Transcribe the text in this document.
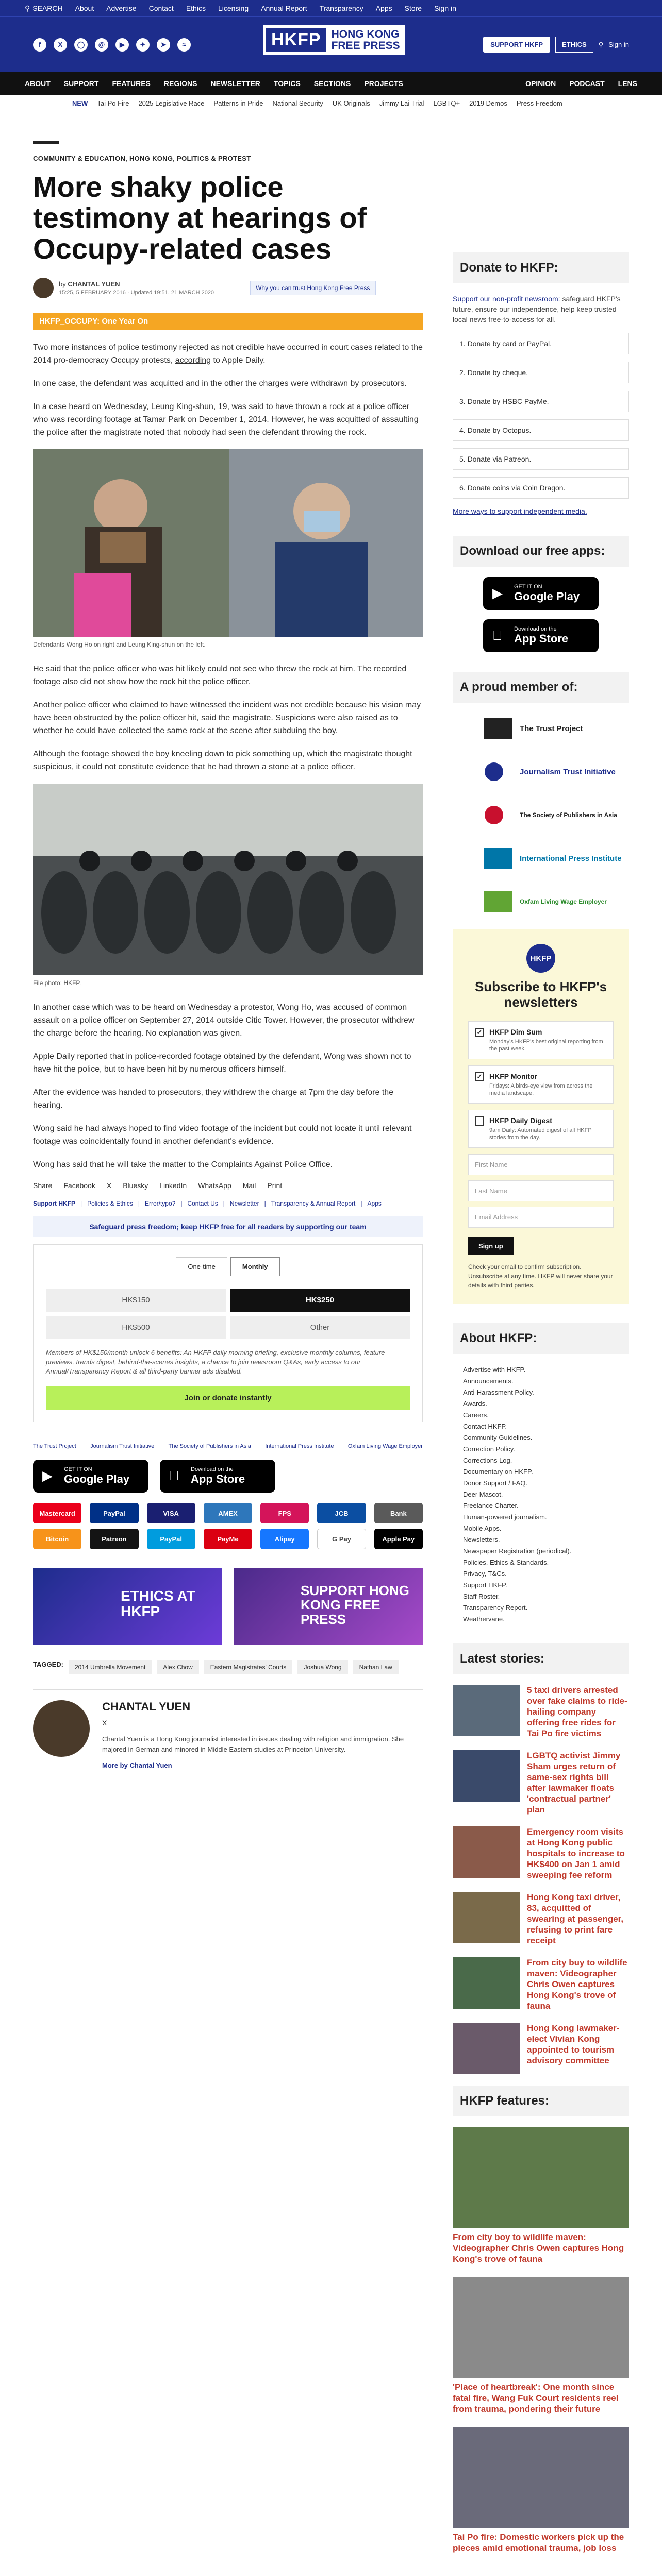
⚲ SEARCH About Advertise Contact Ethics Licensing Annual Report Transparency Apps Store Sign in
f	X	◯	@	▶	✦	➤	≈	HKFP HONG KONG
FREE PRESS	SUPPORT HKFP	ETHICS	⚲ Sign in
ABOUT SUPPORT FEATURES REGIONS NEWSLETTER TOPICS SECTIONS PROJECTS	OPINION PODCAST LENS
NEW Tai Po Fire 2025 Legislative Race Patterns in Pride National Security UK Originals Jimmy Lai Trial LGBTQ+ 2019 Demos Press Freedom
COMMUNITY & EDUCATION, HONG KONG, POLITICS & PROTEST
More shaky police testimony at hearings of Occupy-related cases
by CHANTAL YUEN
15:25, 5 FEBRUARY 2016 · Updated 19:51, 21 MARCH 2020
Why you can trust Hong Kong Free Press
HKFP_OCCUPY: One Year On

Two more instances of police testimony rejected as not credible have occurred in court cases related to the 2014 pro-democracy Occupy protests, according to Apple Daily.

In one case, the defendant was acquitted and in the other the charges were withdrawn by prosecutors.

In a case heard on Wednesday, Leung King-shun, 19, was said to have thrown a rock at a police officer who was recording footage at Tamar Park on December 1, 2014. However, he was acquitted of assaulting the police after the magistrate noted that nobody had seen the defendant throwing the rock.

Defendants Wong Ho on right and Leung King-shun on the left.

He said that the police officer who was hit likely could not see who threw the rock at him. The recorded footage also did not show how the rock hit the police officer.

Another police officer who claimed to have witnessed the incident was not credible because his vision may have been obstructed by the police officer hit, said the magistrate. Suspicions were also raised as to whether he could have collected the same rock at the scene after subduing the boy.

Although the footage showed the boy kneeling down to pick something up, which the magistrate thought suspicious, it could not constitute evidence that he had thrown a stone at a police officer.

File photo: HKFP.

In another case which was to be heard on Wednesday a protestor, Wong Ho, was accused of common assault on a police officer on September 27, 2014 outside Citic Tower. However, the prosecutor withdrew the charge before the hearing. No explanation was given.

Apple Daily reported that in police-recorded footage obtained by the defendant, Wong was shown not to have hit the police, but to have been hit by numerous officers himself.

After the evidence was handed to prosecutors, they withdrew the charge at 7pm the day before the hearing.

Wong said he had always hoped to find video footage of the incident but could not locate it until relevant footage was coincidentally found in another defendant's evidence.

Wong has said that he will take the matter to the Complaints Against Police Office.

Share Facebook X Bluesky LinkedIn WhatsApp Mail Print
Support HKFP | Policies & Ethics | Error/typo? | Contact Us | Newsletter | Transparency & Annual Report | Apps
Safeguard press freedom; keep HKFP free for all readers by supporting our team
One-time	Monthly
HK$150	HK$250
HK$500	Other
Members of HK$150/month unlock 6 benefits: An HKFP daily morning briefing, exclusive monthly columns, feature previews, trends digest, behind-the-scenes insights, a chance to join newsroom Q&As, early access to our Annual/Transparency Report & all third-party banner ads disabled.
Join or donate instantly
The Trust Project Journalism Trust Initiative The Society of Publishers in Asia International Press Institute Oxfam Living Wage Employer
▶	GET IT ON
Google Play
Download on the
App Store
Mastercard	PayPal	VISA	AMEX	FPS	JCB	Bank
Bitcoin	Patreon	PayPal	PayMe	Alipay	G Pay	Apple Pay
ETHICS AT HKFP
SUPPORT HONG KONG FREE PRESS
TAGGED:	2014 Umbrella Movement	Alex Chow	Eastern Magistrates' Courts	Joshua Wong	Nathan Law
CHANTAL YUEN
X

Chantal Yuen is a Hong Kong journalist interested in issues dealing with religion and immigration. She majored in German and minored in Middle Eastern studies at Princeton University.

More by Chantal Yuen
Donate to HKFP:
Support our non-profit newsroom: safeguard HKFP's future, ensure our independence, help keep trusted local news free-to-access for all.
1. Donate by card or PayPal.
2. Donate by cheque.
3. Donate by HSBC PayMe.
4. Donate by Octopus.
5. Donate via Patreon.
6. Donate coins via Coin Dragon.
More ways to support independent media.
Download our free apps:
▶	GET IT ON
Google Play
Download on the
App Store
A proud member of:
The Trust Project
Journalism Trust Initiative
The Society of Publishers in Asia
International Press Institute
Oxfam Living Wage Employer
HKFP
Subscribe to HKFP's newsletters
✓ HKFP Dim Sum
Monday's HKFP's best original reporting from the past week.
✓ HKFP Monitor
Fridays: A birds-eye view from across the media landscape.
HKFP Daily Digest
9am Daily: Automated digest of all HKFP stories from the day.
First Name
Last Name
Email Address
Sign up
Check your email to confirm subscription. Unsubscribe at any time. HKFP will never share your details with third parties.
About HKFP:
Advertise with HKFP.
Announcements.
Anti-Harassment Policy.
Awards.
Careers.
Contact HKFP.
Community Guidelines.
Correction Policy.
Corrections Log.
Documentary on HKFP.
Donor Support / FAQ.
Deer Mascot.
Freelance Charter.
Human-powered journalism.
Mobile Apps.
Newsletters.
Newspaper Registration (periodical).
Policies, Ethics & Standards.
Privacy, T&Cs.
Support HKFP.
Staff Roster.
Transparency Report.
Weathervane.
Latest stories:
5 taxi drivers arrested over fake claims to ride-hailing company offering free rides for Tai Po fire victims
LGBTQ activist Jimmy Sham urges return of same-sex rights bill after lawmaker floats 'contractual partner' plan
Emergency room visits at Hong Kong public hospitals to increase to HK$400 on Jan 1 amid sweeping fee reform
Hong Kong taxi driver, 83, acquitted of swearing at passenger, refusing to print fare receipt
From city buy to wildlife maven: Videographer Chris Owen captures Hong Kong's trove of fauna
Hong Kong lawmaker-elect Vivian Kong appointed to tourism advisory committee
HKFP features:
From city boy to wildlife maven: Videographer Chris Owen captures Hong Kong's trove of fauna
'Place of heartbreak': One month since fatal fire, Wang Fuk Court residents reel from trauma, pondering their future
Tai Po fire: Domestic workers pick up the pieces amid emotional trauma, job loss
